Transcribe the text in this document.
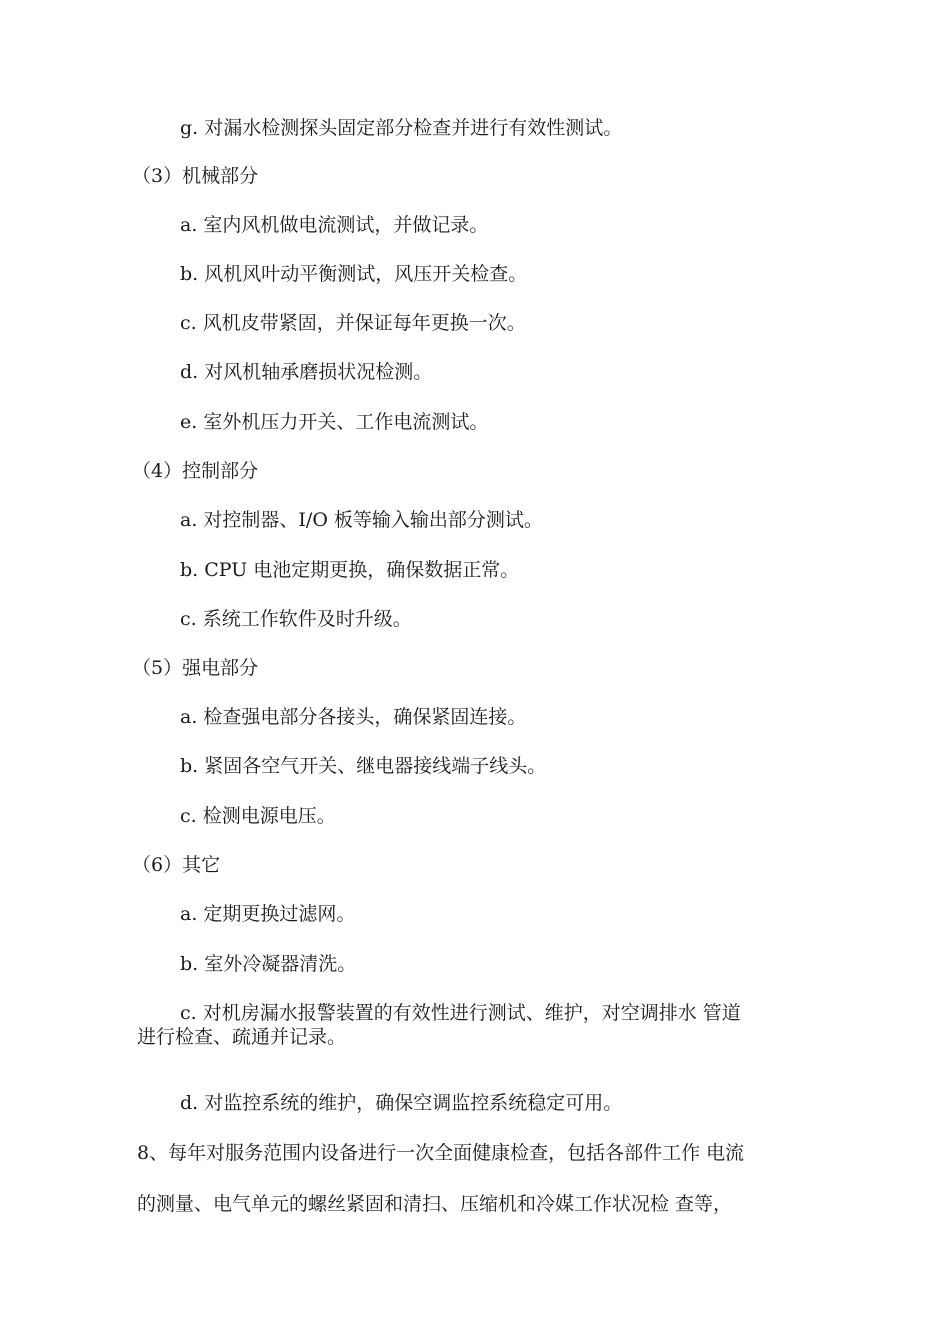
g. 对漏水检测探头固定部分检查并进行有效性测试。
（3）机械部分
a. 室内风机做电流测试，并做记录。
b. 风机风叶动平衡测试，风压开关检查。
c. 风机皮带紧固，并保证每年更换一次。
d. 对风机轴承磨损状况检测。
e. 室外机压力开关、工作电流测试。
（4）控制部分
a. 对控制器、I/O 板等输入输出部分测试。
b. CPU 电池定期更换，确保数据正常。
c. 系统工作软件及时升级。
（5）强电部分
a. 检查强电部分各接头，确保紧固连接。
b. 紧固各空气开关、继电器接线端子线头。
c. 检测电源电压。
（6）其它
a. 定期更换过滤网。
b. 室外冷凝器清洗。
c. 对机房漏水报警装置的有效性进行测试、维护，对空调排水 管道
进行检查、疏通并记录。
d. 对监控系统的维护，确保空调监控系统稳定可用。
8、每年对服务范围内设备进行一次全面健康检查，包括各部件工作 电流
的测量、电气单元的螺丝紧固和清扫、压缩机和冷媒工作状况检 查等，
